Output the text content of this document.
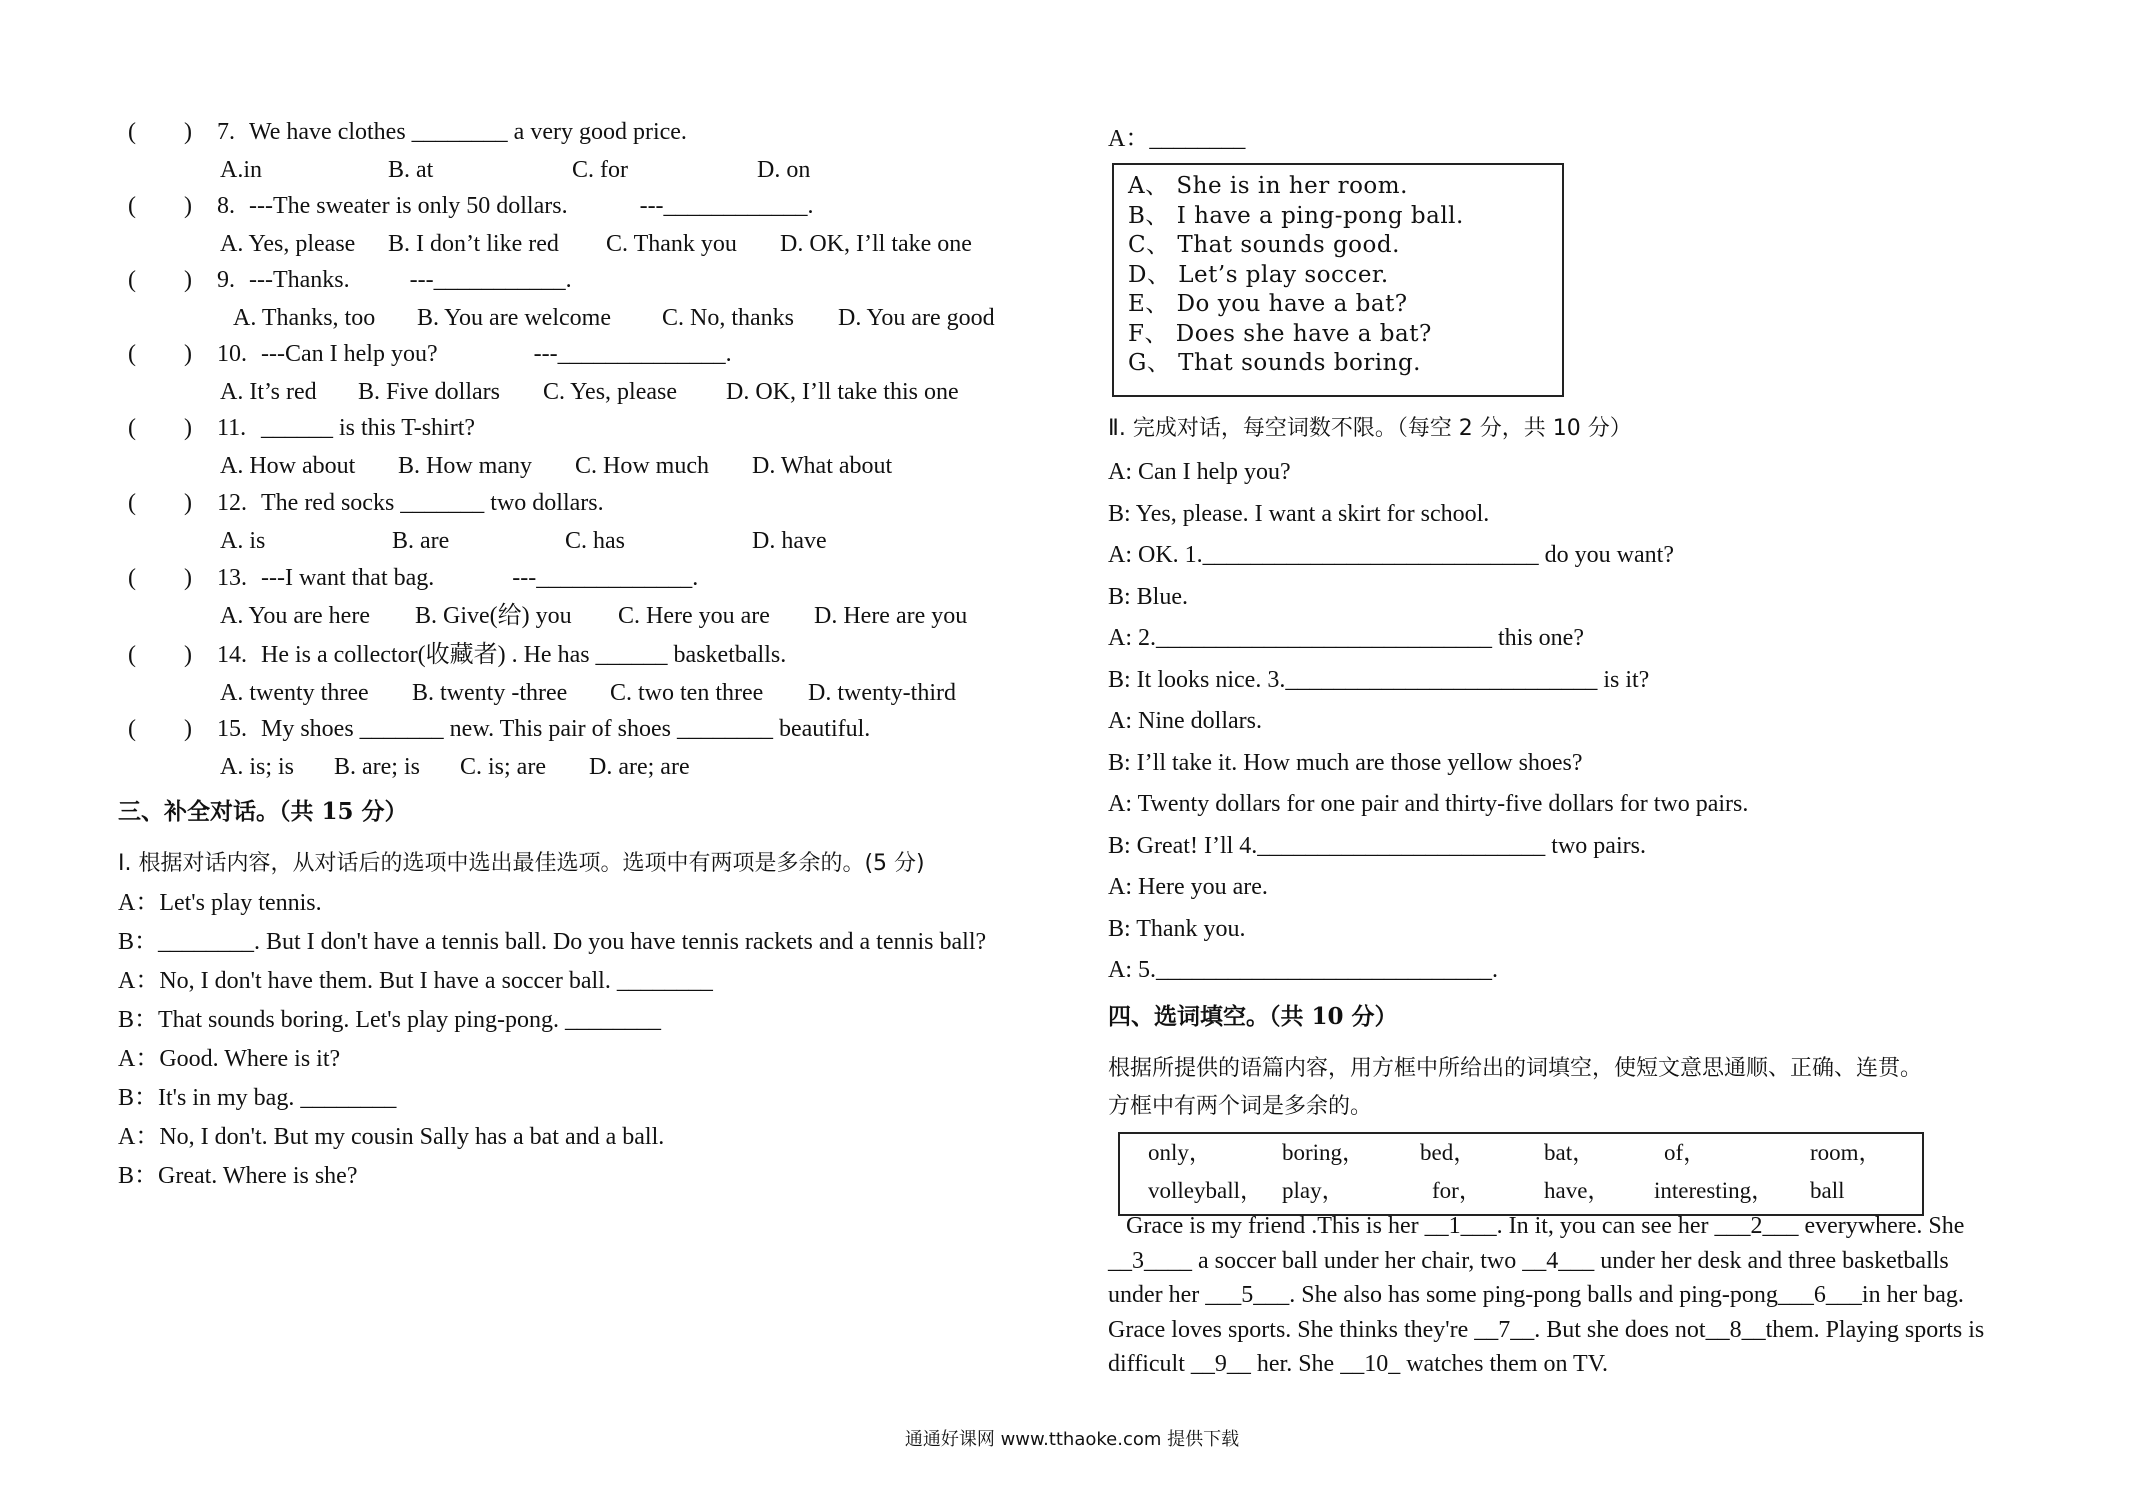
(        ) 7. We have clothes ________ a very good price.
A.in	B. at	C. for	D. on
(        ) 8. ---The sweater is only 50 dollars.            ---____________.
A. Yes, please B. I don’t like red C. Thank you D. OK, I’ll take one
(        ) 9. ---Thanks.          ---___________.
A. Thanks, too B. You are welcome C. No, thanks D. You are good
(        ) 10. ---Can I help you?                ---______________.
A. It’s red B. Five dollars C. Yes, please D. OK, I’ll take this one
(        ) 11. ______ is this T-shirt?
A. How about B. How many C. How much D. What about
(        ) 12. The red socks _______ two dollars.
A. is	B. are	C. has	D. have
(        ) 13. ---I want that bag.             ---_____________.
A. You are here B. Give(给) you C. Here you are D. Here are you
(        ) 14. He is a collector(收藏者) . He has ______ basketballs.
A. twenty three B. twenty -three C. two ten three D. twenty-third
(        ) 15. My shoes _______ new. This pair of shoes ________ beautiful.
A. is; is B. are; is C. is; are D. are; are
三、补全对话。（共 15 分）
Ⅰ. 根据对话内容，从对话后的选项中选出最佳选项。选项中有两项是多余的。(5 分)
A：Let's play tennis.
B：________. But I don't have a tennis ball. Do you have tennis rackets and a tennis ball?
A：No, I don't have them. But I have a soccer ball. ________
B：That sounds boring. Let's play ping-pong. ________
A：Good. Where is it?
B：It's in my bag. ________
A：No, I don't. But my cousin Sally has a bat and a ball.
B：Great. Where is she?
A：________
A、 She is in her room.
B、 I have a ping-pong ball.
C、 That sounds good.
D、 Let’s play soccer.
E、 Do you have a bat?
F、 Does she have a bat?
G、 That sounds boring.
Ⅱ. 完成对话，每空词数不限。（每空 2 分，共 10 分）
A: Can I help you?
B: Yes, please. I want a skirt for school.
A: OK. 1.____________________________ do you want?
B: Blue.
A: 2.____________________________ this one?
B: It looks nice. 3.__________________________ is it?
A: Nine dollars.
B: I’ll take it. How much are those yellow shoes?
A: Twenty dollars for one pair and thirty-five dollars for two pairs.
B: Great! I’ll 4.________________________ two pairs.
A: Here you are.
B: Thank you.
A: 5.____________________________.
四、选词填空。（共 10 分）
根据所提供的语篇内容，用方框中所给出的词填空，使短文意思通顺、正确、连贯。
方框中有两个词是多余的。
only，	boring， bed，	bat，	of，	room，
volleyball， play，	for，	have， interesting， ball
Grace is my friend .This is her __1___. In it, you can see her ___2___ everywhere. She
__3____ a soccer ball under her chair, two __4___ under her desk and three basketballs
under her ___5___. She also has some ping-pong balls and ping-pong___6___in her bag.
Grace loves sports. She thinks they're __7__. But she does not__8__them. Playing sports is
difficult __9__ her. She __10_ watches them on TV.
通通好课网 www.tthaoke.com 提供下载
